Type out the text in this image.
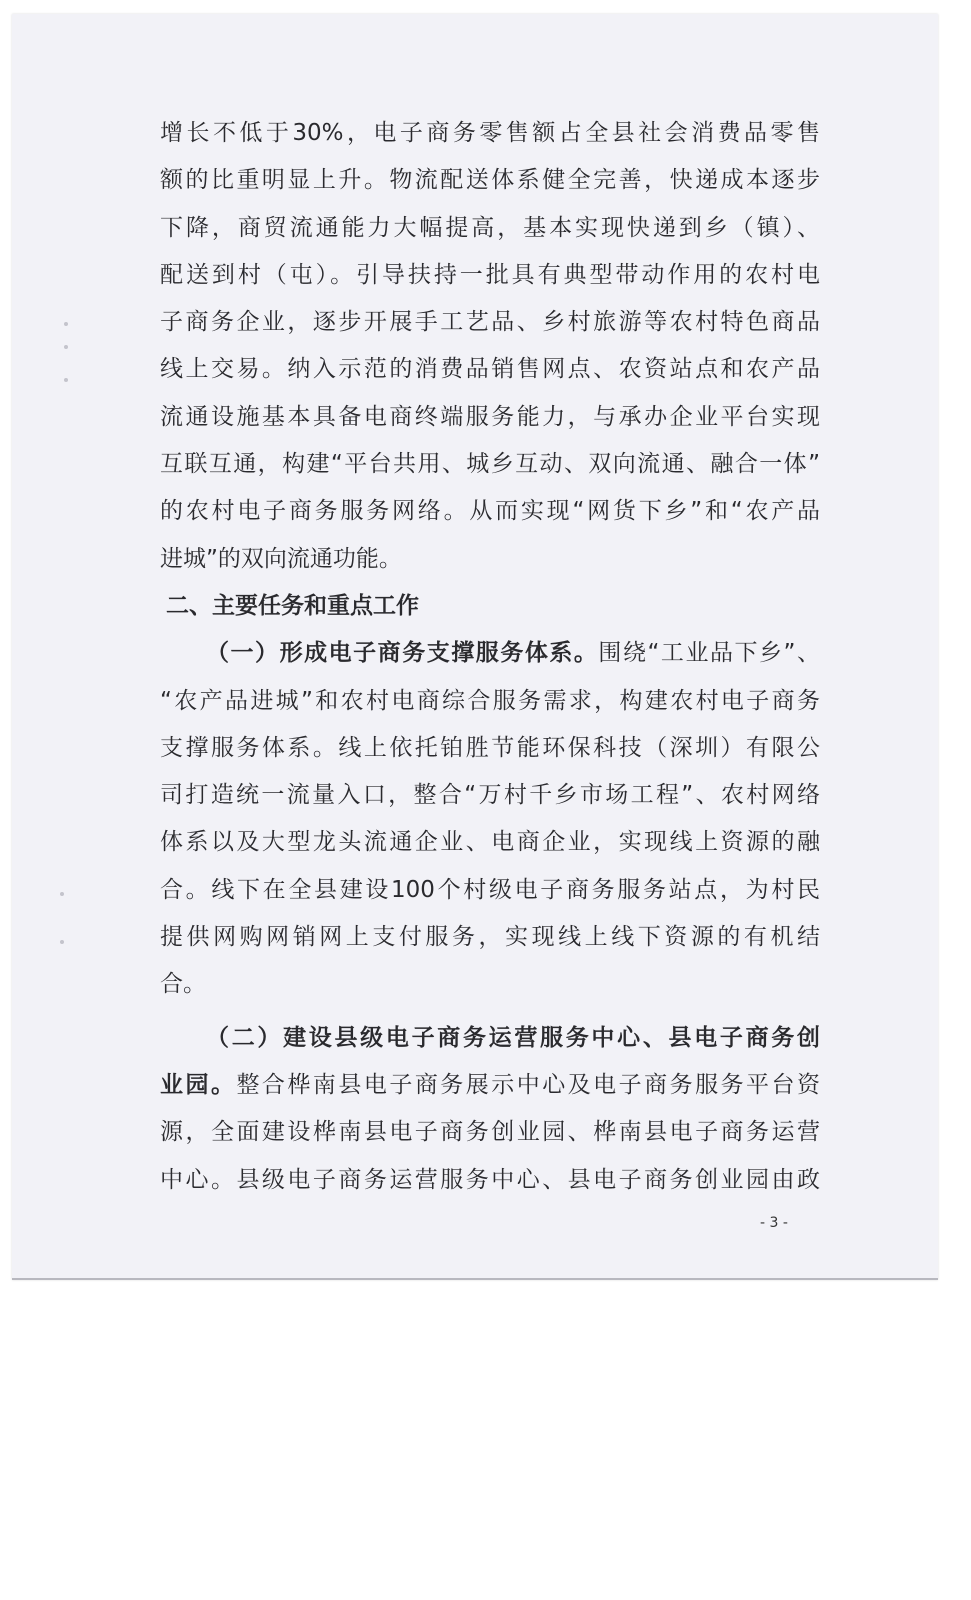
增长不低于30%，电子商务零售额占全县社会消费品零售
额的比重明显上升。物流配送体系健全完善，快递成本逐步
下降，商贸流通能力大幅提高，基本实现快递到乡（镇）、
配送到村（屯）。引导扶持一批具有典型带动作用的农村电
子商务企业，逐步开展手工艺品、乡村旅游等农村特色商品
线上交易。纳入示范的消费品销售网点、农资站点和农产品
流通设施基本具备电商终端服务能力，与承办企业平台实现
互联互通，构建“平台共用、城乡互动、双向流通、融合一体”
的农村电子商务服务网络。从而实现“网货下乡”和“农产品
进城”的双向流通功能。
二、主要任务和重点工作
（一）形成电子商务支撑服务体系。围绕“工业品下乡”、
“农产品进城”和农村电商综合服务需求，构建农村电子商务
支撑服务体系。线上依托铂胜节能环保科技（深圳）有限公
司打造统一流量入口，整合“万村千乡市场工程”、农村网络
体系以及大型龙头流通企业、电商企业，实现线上资源的融
合。线下在全县建设100个村级电子商务服务站点，为村民
提供网购网销网上支付服务，实现线上线下资源的有机结
合。
（二）建设县级电子商务运营服务中心、县电子商务创
业园。整合桦南县电子商务展示中心及电子商务服务平台资
源，全面建设桦南县电子商务创业园、桦南县电子商务运营
中心。县级电子商务运营服务中心、县电子商务创业园由政
- 3 -
